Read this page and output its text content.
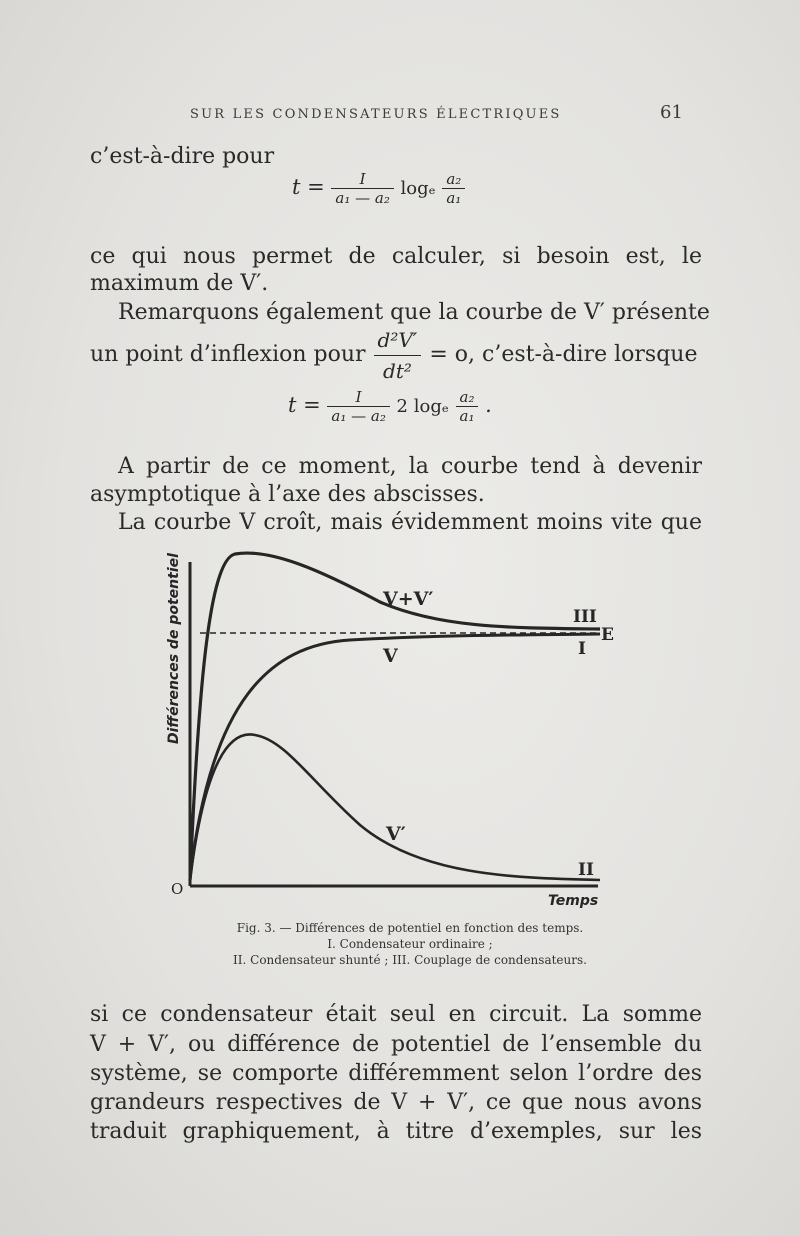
SUR LES CONDENSATEURS ÉLECTRIQUES	61
c’est-à-dire pour
$t = \frac{I}{\text{a₁ — a₂}}$ logₑ $\frac{\text{a₂}}{\text{a₁}}$
ce qui nous permet de calculer, si besoin est, le
maximum de V′.
Remarquons également que la courbe de V′ présente
un point d’inflexion pour $\frac{\text{d²V′}}{\text{dt²}} = o$, c’est-à-dire lorsque
$t = \frac{I}{\text{a₁ — a₂}} 2$ logₑ $\frac{\text{a₂}}{\text{a₁}}$ .
A partir de ce moment, la courbe tend à devenir
asymptotique à l’axe des abscisses.
La courbe V croît, mais évidemment moins vite que
V+V′
III
V	I
V′
II
E
O
Temps
Différences de potentiel
Fig. 3. — Différences de potentiel en fonction des temps.
I. Condensateur ordinaire ;
II. Condensateur shunté ; III. Couplage de condensateurs.
si ce condensateur était seul en circuit. La somme
V + V′, ou différence de potentiel de l’ensemble du
système, se comporte différemment selon l’ordre des
grandeurs respectives de V + V′, ce que nous avons
traduit graphiquement, à titre d’exemples, sur les
